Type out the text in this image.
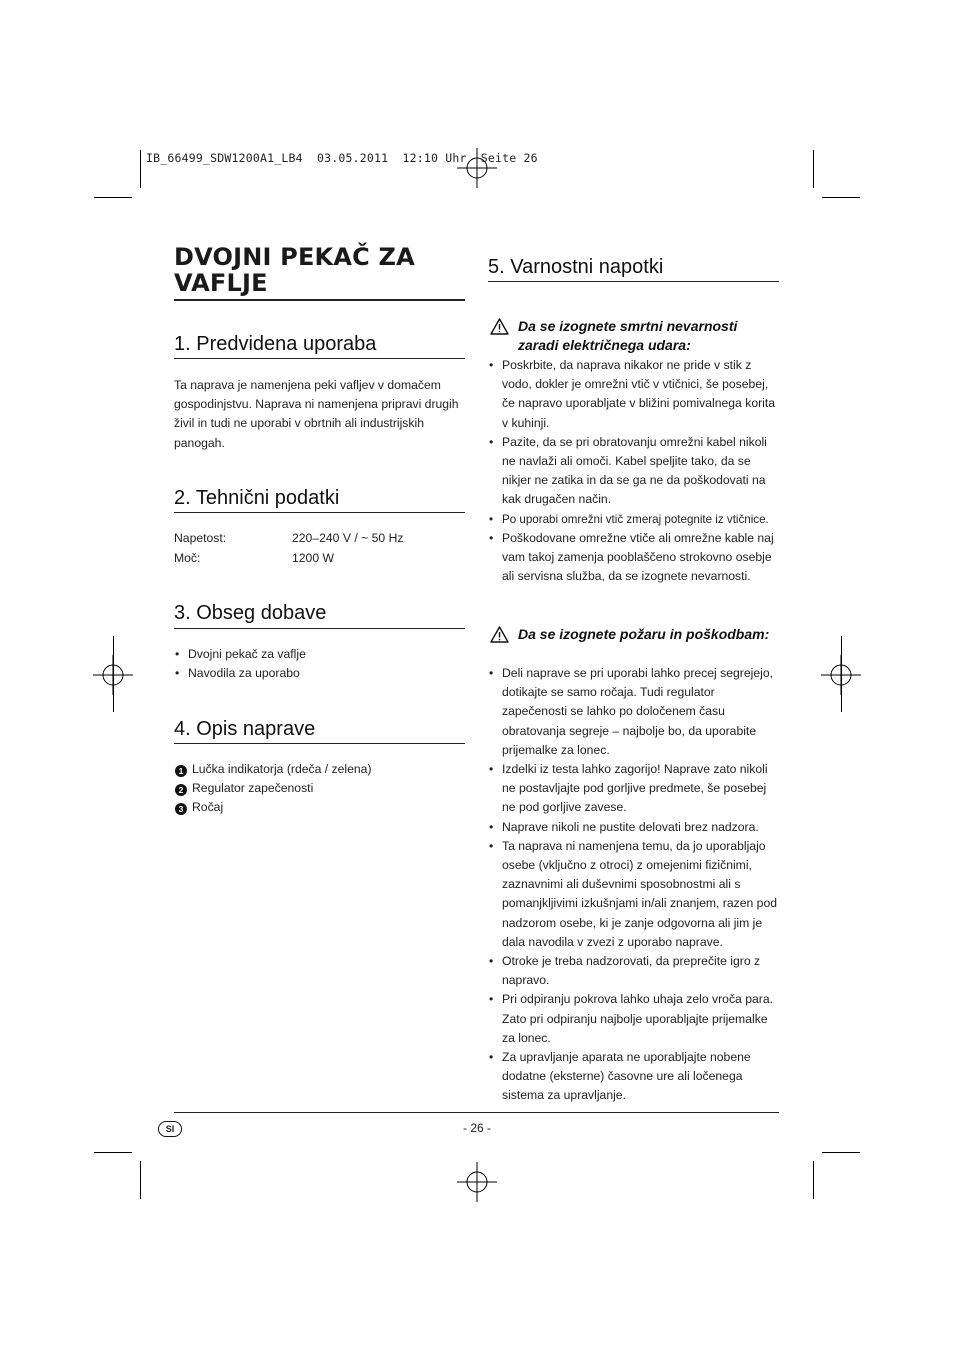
IB_66499_SDW1200A1_LB4  03.05.2011  12:10 Uhr  Seite 26
DVOJNI PEKAČ ZA VAFLJE
1. Predvidena uporaba

Ta naprava je namenjena peki vafljev v domačem gospodinjstvu. Naprava ni namenjena pripravi drugih živil in tudi ne uporabi v obrtnih ali industrijskih panogah.

2. Tehnični podatki
Napetost:	220–240 V / ~ 50 Hz
Moč:	1200 W
3. Obseg dobave
• Dvojni pekač za vaflje
• Navodila za uporabo
4. Opis naprave
1 Lučka indikatorja (rdeča / zelena)
2 Regulator zapečenosti
3 Ročaj
5. Varnostni napotki
Da se izognete smrtni nevarnosti zaradi električnega udara:
• Poskrbite, da naprava nikakor ne pride v stik z vodo, dokler je omrežni vtič v vtičnici, še posebej, če napravo uporabljate v bližini pomivalnega korita v kuhinji.
• Pazite, da se pri obratovanju omrežni kabel nikoli ne navlaži ali omoči. Kabel speljite tako, da se nikjer ne zatika in da se ga ne da poškodovati na kak drugačen način.
• Po uporabi omrežni vtič zmeraj potegnite iz vtičnice.
• Poškodovane omrežne vtiče ali omrežne kable naj vam takoj zamenja pooblaščeno strokovno osebje ali servisna služba, da se izognete nevarnosti.
Da se izognete požaru in poškodbam:
• Deli naprave se pri uporabi lahko precej segrejejo, dotikajte se samo ročaja. Tudi regulator zapečenosti se lahko po določenem času obratovanja segreje – najbolje bo, da uporabite prijemalke za lonec.
• Izdelki iz testa lahko zagorijo! Naprave zato nikoli ne postavljajte pod gorljive predmete, še posebej ne pod gorljive zavese.
• Naprave nikoli ne pustite delovati brez nadzora.
• Ta naprava ni namenjena temu, da jo uporabljajo osebe (vključno z otroci) z omejenimi fizičnimi, zaznavnimi ali duševnimi sposobnostmi ali s pomanjkljivimi izkušnjami in/ali znanjem, razen pod nadzorom osebe, ki je zanje odgovorna ali jim je dala navodila v zvezi z uporabo naprave.
• Otroke je treba nadzorovati, da preprečite igro z napravo.
• Pri odpiranju pokrova lahko uhaja zelo vroča para. Zato pri odpiranju najbolje uporabljajte prijemalke za lonec.
• Za upravljanje aparata ne uporabljajte nobene dodatne (eksterne) časovne ure ali ločenega sistema za upravljanje.
SI	- 26 -
